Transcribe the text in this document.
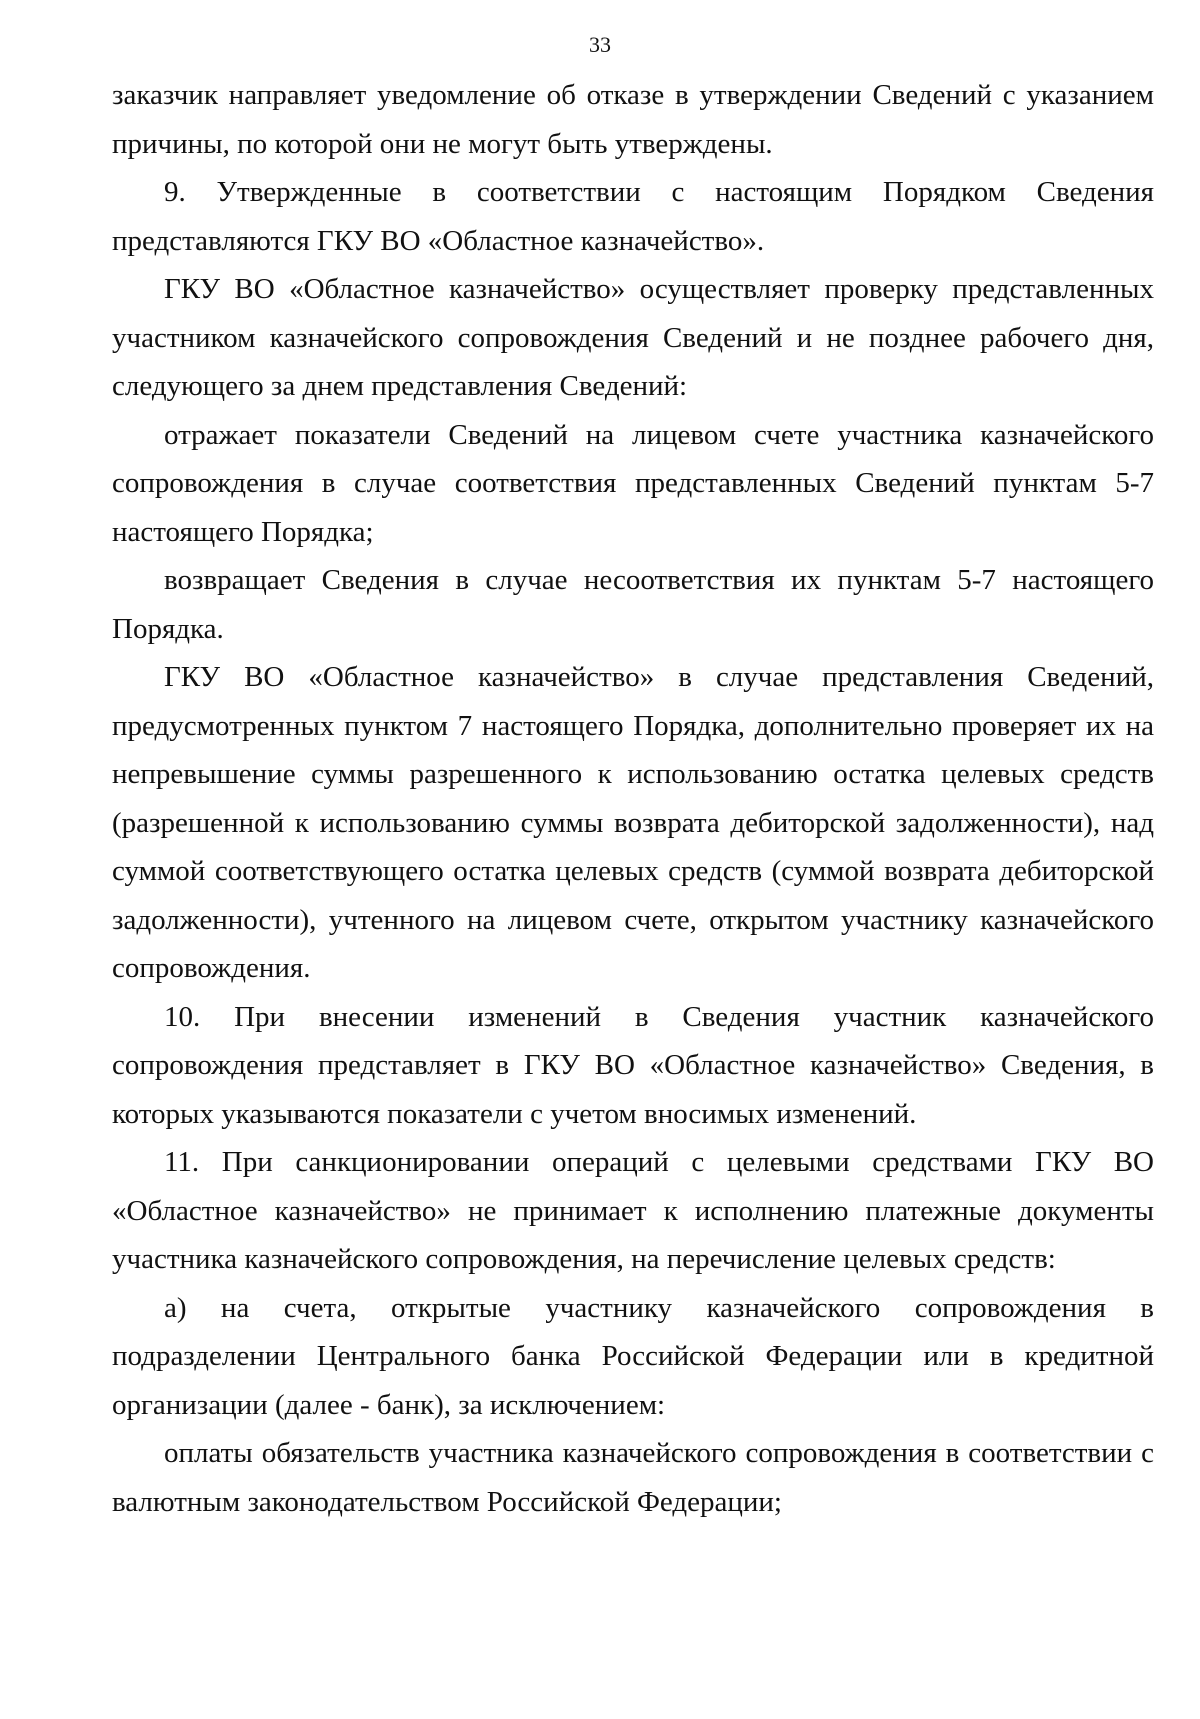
33

заказчик направляет уведомление об отказе в утверждении Сведений с указанием причины, по которой они не могут быть утверждены.

9. Утвержденные в соответствии с настоящим Порядком Сведения представляются ГКУ ВО «Областное казначейство».

ГКУ ВО «Областное казначейство» осуществляет проверку представленных участником казначейского сопровождения Сведений и не позднее рабочего дня, следующего за днем представления Сведений:

отражает показатели Сведений на лицевом счете участника казначейского сопровождения в случае соответствия представленных Сведений пунктам 5-7 настоящего Порядка;

возвращает Сведения в случае несоответствия их пунктам 5-7 настоящего Порядка.

ГКУ ВО «Областное казначейство» в случае представления Сведений, предусмотренных пунктом 7 настоящего Порядка, дополнительно проверяет их на непревышение суммы разрешенного к использованию остатка целевых средств (разрешенной к использованию суммы возврата дебиторской задолженности), над суммой соответствующего остатка целевых средств (суммой возврата дебиторской задолженности), учтенного на лицевом счете, открытом участнику казначейского сопровождения.

10. При внесении изменений в Сведения участник казначейского сопровождения представляет в ГКУ ВО «Областное казначейство» Сведения, в которых указываются показатели с учетом вносимых изменений.

11. При санкционировании операций с целевыми средствами ГКУ ВО «Областное казначейство» не принимает к исполнению платежные документы участника казначейского сопровождения, на перечисление целевых средств:

а) на счета, открытые участнику казначейского сопровождения в подразделении Центрального банка Российской Федерации или в кредитной организации (далее - банк), за исключением:

оплаты обязательств участника казначейского сопровождения в соответствии с валютным законодательством Российской Федерации;
